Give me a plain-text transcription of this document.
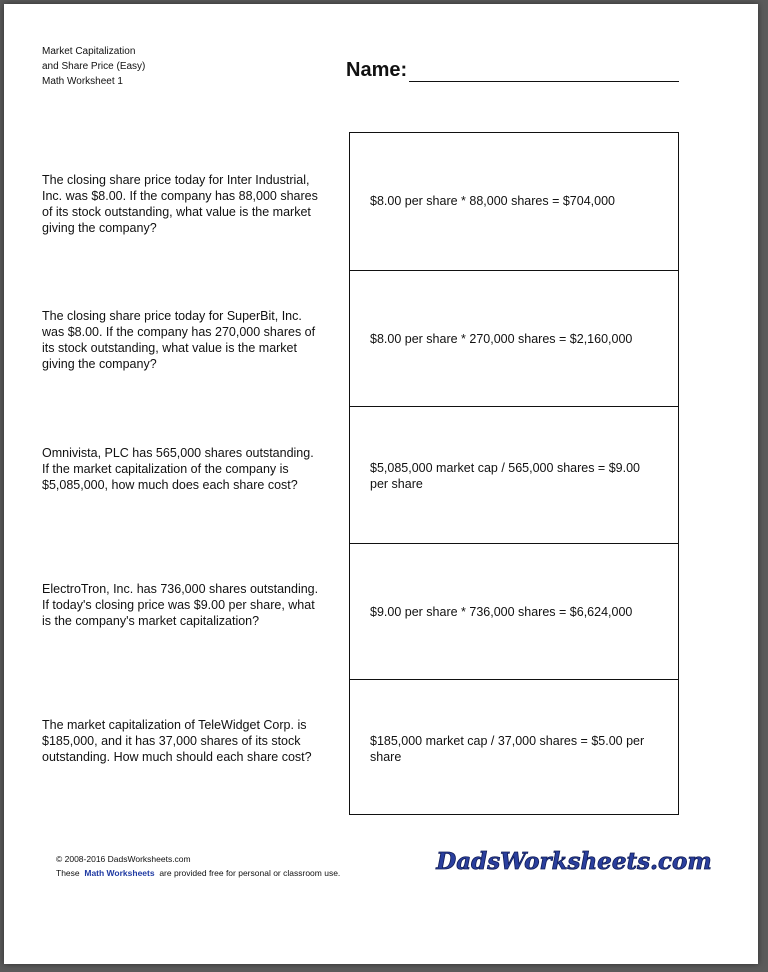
Market Capitalization
and Share Price (Easy)
Math Worksheet 1
Name:
The closing share price today for Inter Industrial, Inc. was $8.00. If the company has 88,000 shares of its stock outstanding, what value is the market giving the company?
The closing share price today for SuperBit, Inc. was $8.00. If the company has 270,000 shares of its stock outstanding, what value is the market giving the company?
Omnivista, PLC has 565,000 shares outstanding. If the market capitalization of the company is $5,085,000, how much does each share cost?
ElectroTron, Inc. has 736,000 shares outstanding. If today's closing price was $9.00 per share, what is the company's market capitalization?
The market capitalization of TeleWidget Corp. is $185,000, and it has 37,000 shares of its stock outstanding. How much should each share cost?
$8.00 per share * 88,000 shares = $704,000
$8.00 per share * 270,000 shares = $2,160,000
$5,085,000 market cap / 565,000 shares = $9.00 per share
$9.00 per share * 736,000 shares = $6,624,000
$185,000 market cap / 37,000 shares = $5.00 per share
© 2008-2016 DadsWorksheets.com
These Math Worksheets are provided free for personal or classroom use.	DadsWorksheets.com
